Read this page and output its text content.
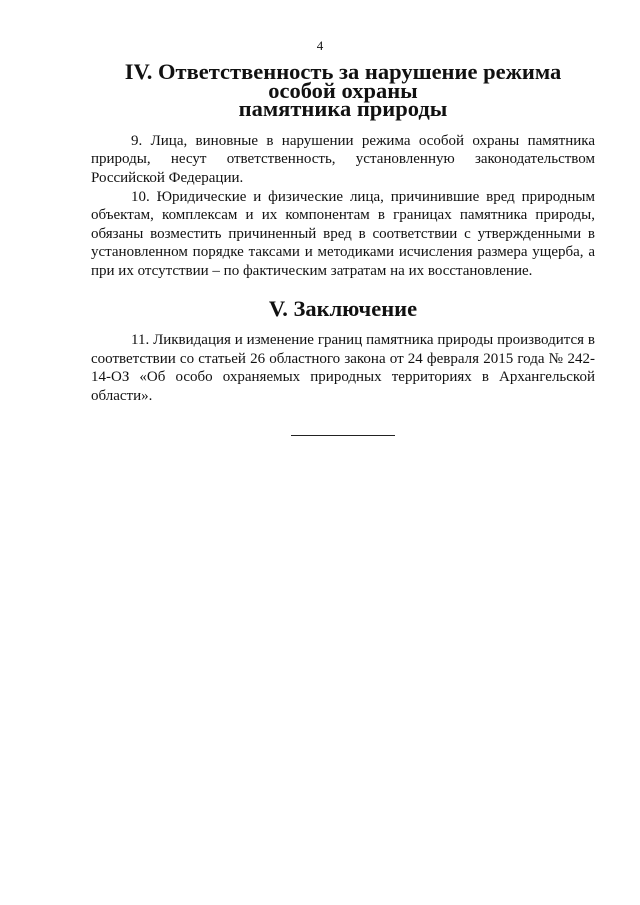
4
IV. Ответственность за нарушение режима особой охраны
памятника природы

9. Лица, виновные в нарушении режима особой охраны памятника природы, несут ответственность, установленную законодательством Российской Федерации.

10. Юридические и физические лица, причинившие вред природным объектам, комплексам и их компонентам в границах памятника природы, обязаны возместить причиненный вред в соответствии с утвержденными в установленном порядке таксами и методиками исчисления размера ущерба, а при их отсутствии – по фактическим затратам на их восстановление.

V. Заключение

11. Ликвидация и изменение границ памятника природы производится в соответствии со статьей 26 областного закона от 24 февраля 2015 года № 242-14-ОЗ «Об особо охраняемых природных территориях в Архангельской области».
